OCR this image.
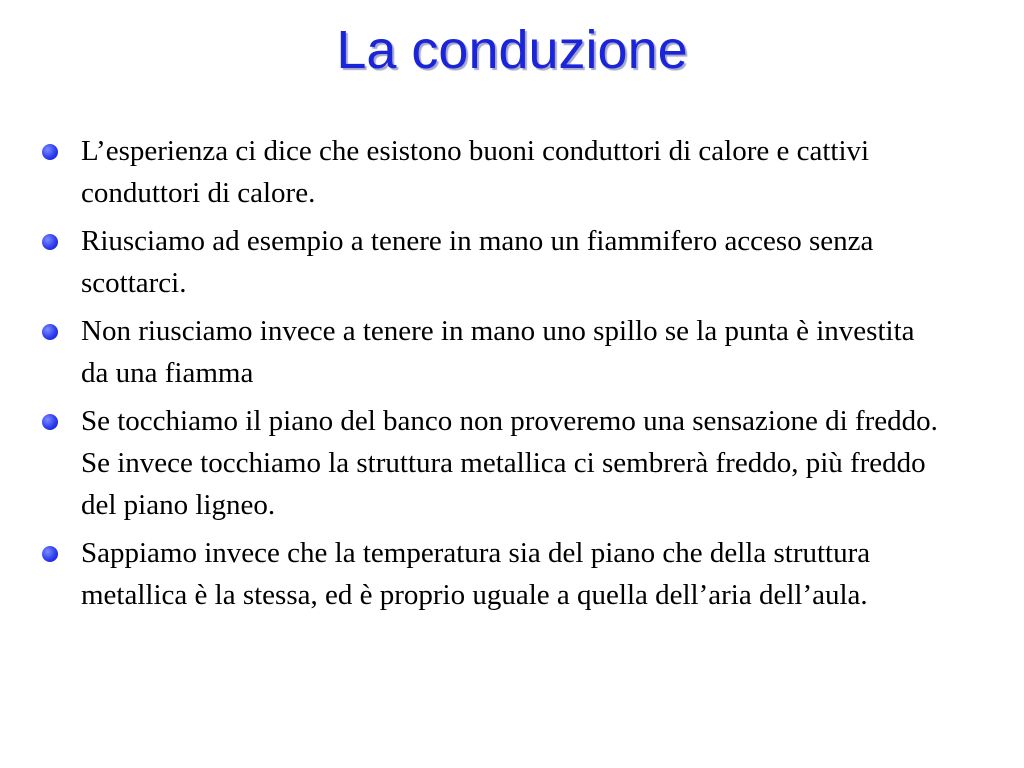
La conduzione
L’esperienza ci dice che esistono buoni conduttori di calore e cattivi conduttori di calore.
Riusciamo ad esempio a tenere in mano un fiammifero acceso senza scottarci.
Non riusciamo invece a tenere in mano uno spillo se la punta è investita da una fiamma
Se tocchiamo il piano del banco non proveremo una sensazione di freddo. Se invece tocchiamo la struttura metallica ci sembrerà freddo, più freddo del piano ligneo.
Sappiamo invece che la temperatura sia del piano che della struttura metallica è la stessa, ed è proprio uguale a quella dell’aria dell’aula.
